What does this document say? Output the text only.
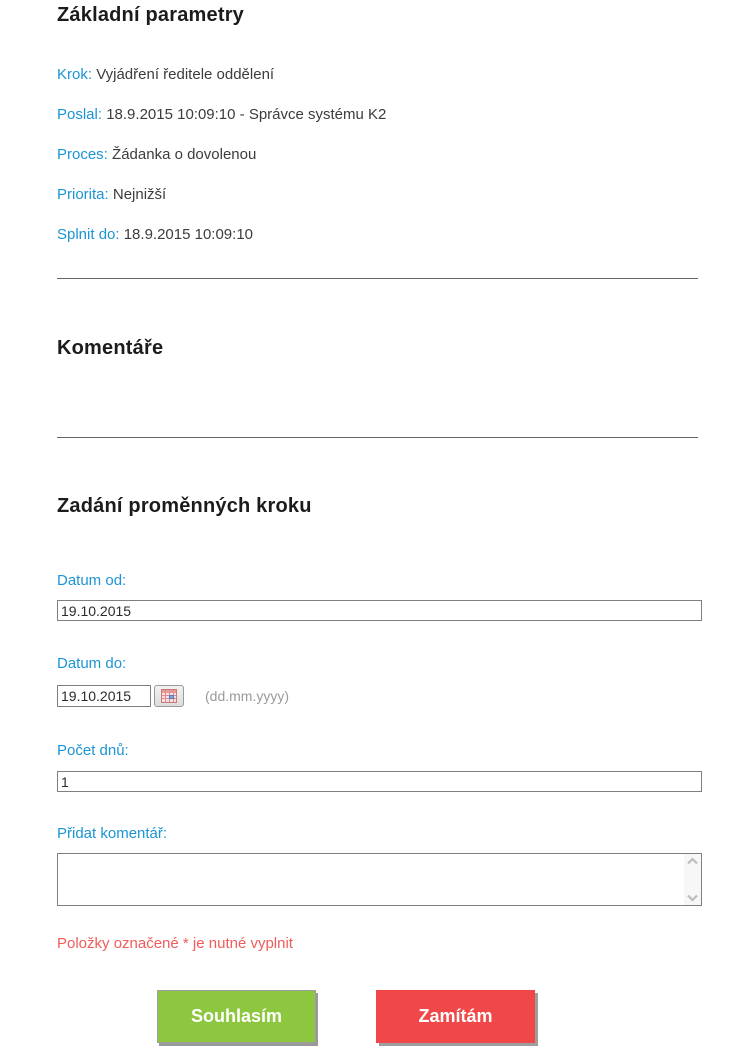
Základní parametry
Krok: Vyjádření ředitele oddělení
Poslal: 18.9.2015 10:09:10 - Správce systému K2
Proces: Žádanka o dovolenou
Priorita: Nejnižší
Splnit do: 18.9.2015 10:09:10
Komentáře
Zadání proměnných kroku
Datum od:
19.10.2015
Datum do:
19.10.2015
(dd.mm.yyyy)
Počet dnů:
1
Přidat komentář:
Položky označené * je nutné vyplnit
Souhlasím	Zamítám
